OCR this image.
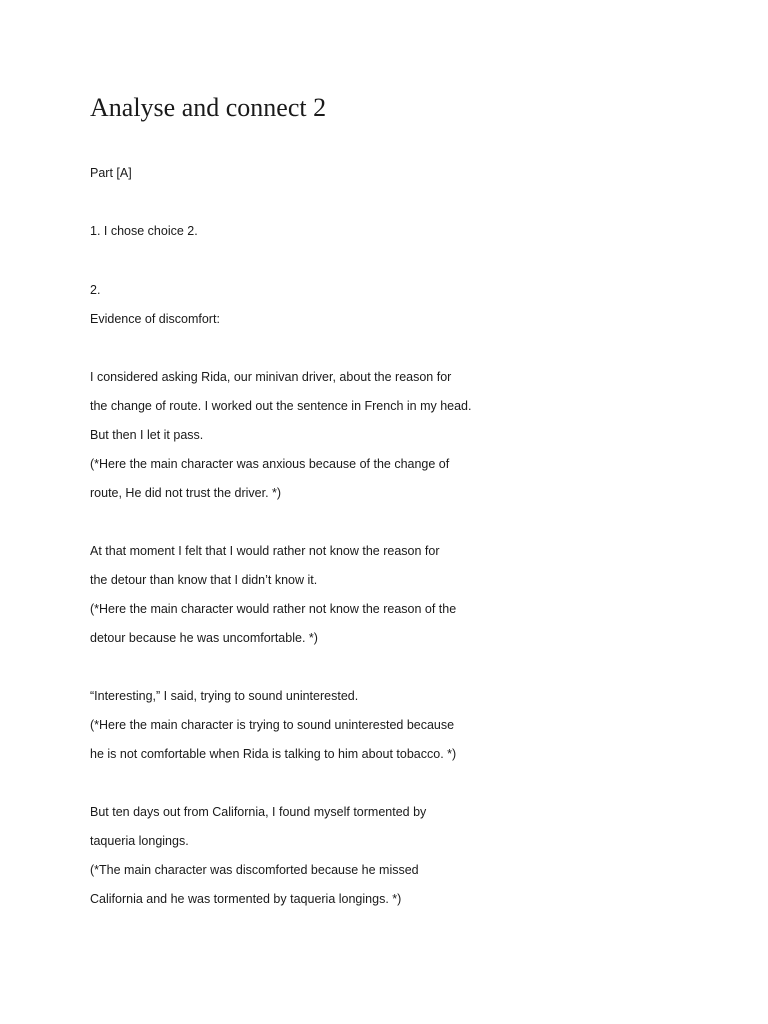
Analyse and connect 2
Part [A]
1. I chose choice 2.
2.
Evidence of discomfort:
I considered asking Rida, our minivan driver, about the reason for
the change of route. I worked out the sentence in French in my head.
But then I let it pass.
(*Here the main character was anxious because of the change of
route, He did not trust the driver. *)
At that moment I felt that I would rather not know the reason for
the detour than know that I didn’t know it.
(*Here the main character would rather not know the reason of the
detour because he was uncomfortable. *)
“Interesting,” I said, trying to sound uninterested.
(*Here the main character is trying to sound uninterested because
he is not comfortable when Rida is talking to him about tobacco. *)
But ten days out from California, I found myself tormented by
taqueria longings.
(*The main character was discomforted because he missed
California and he was tormented by taqueria longings. *)
